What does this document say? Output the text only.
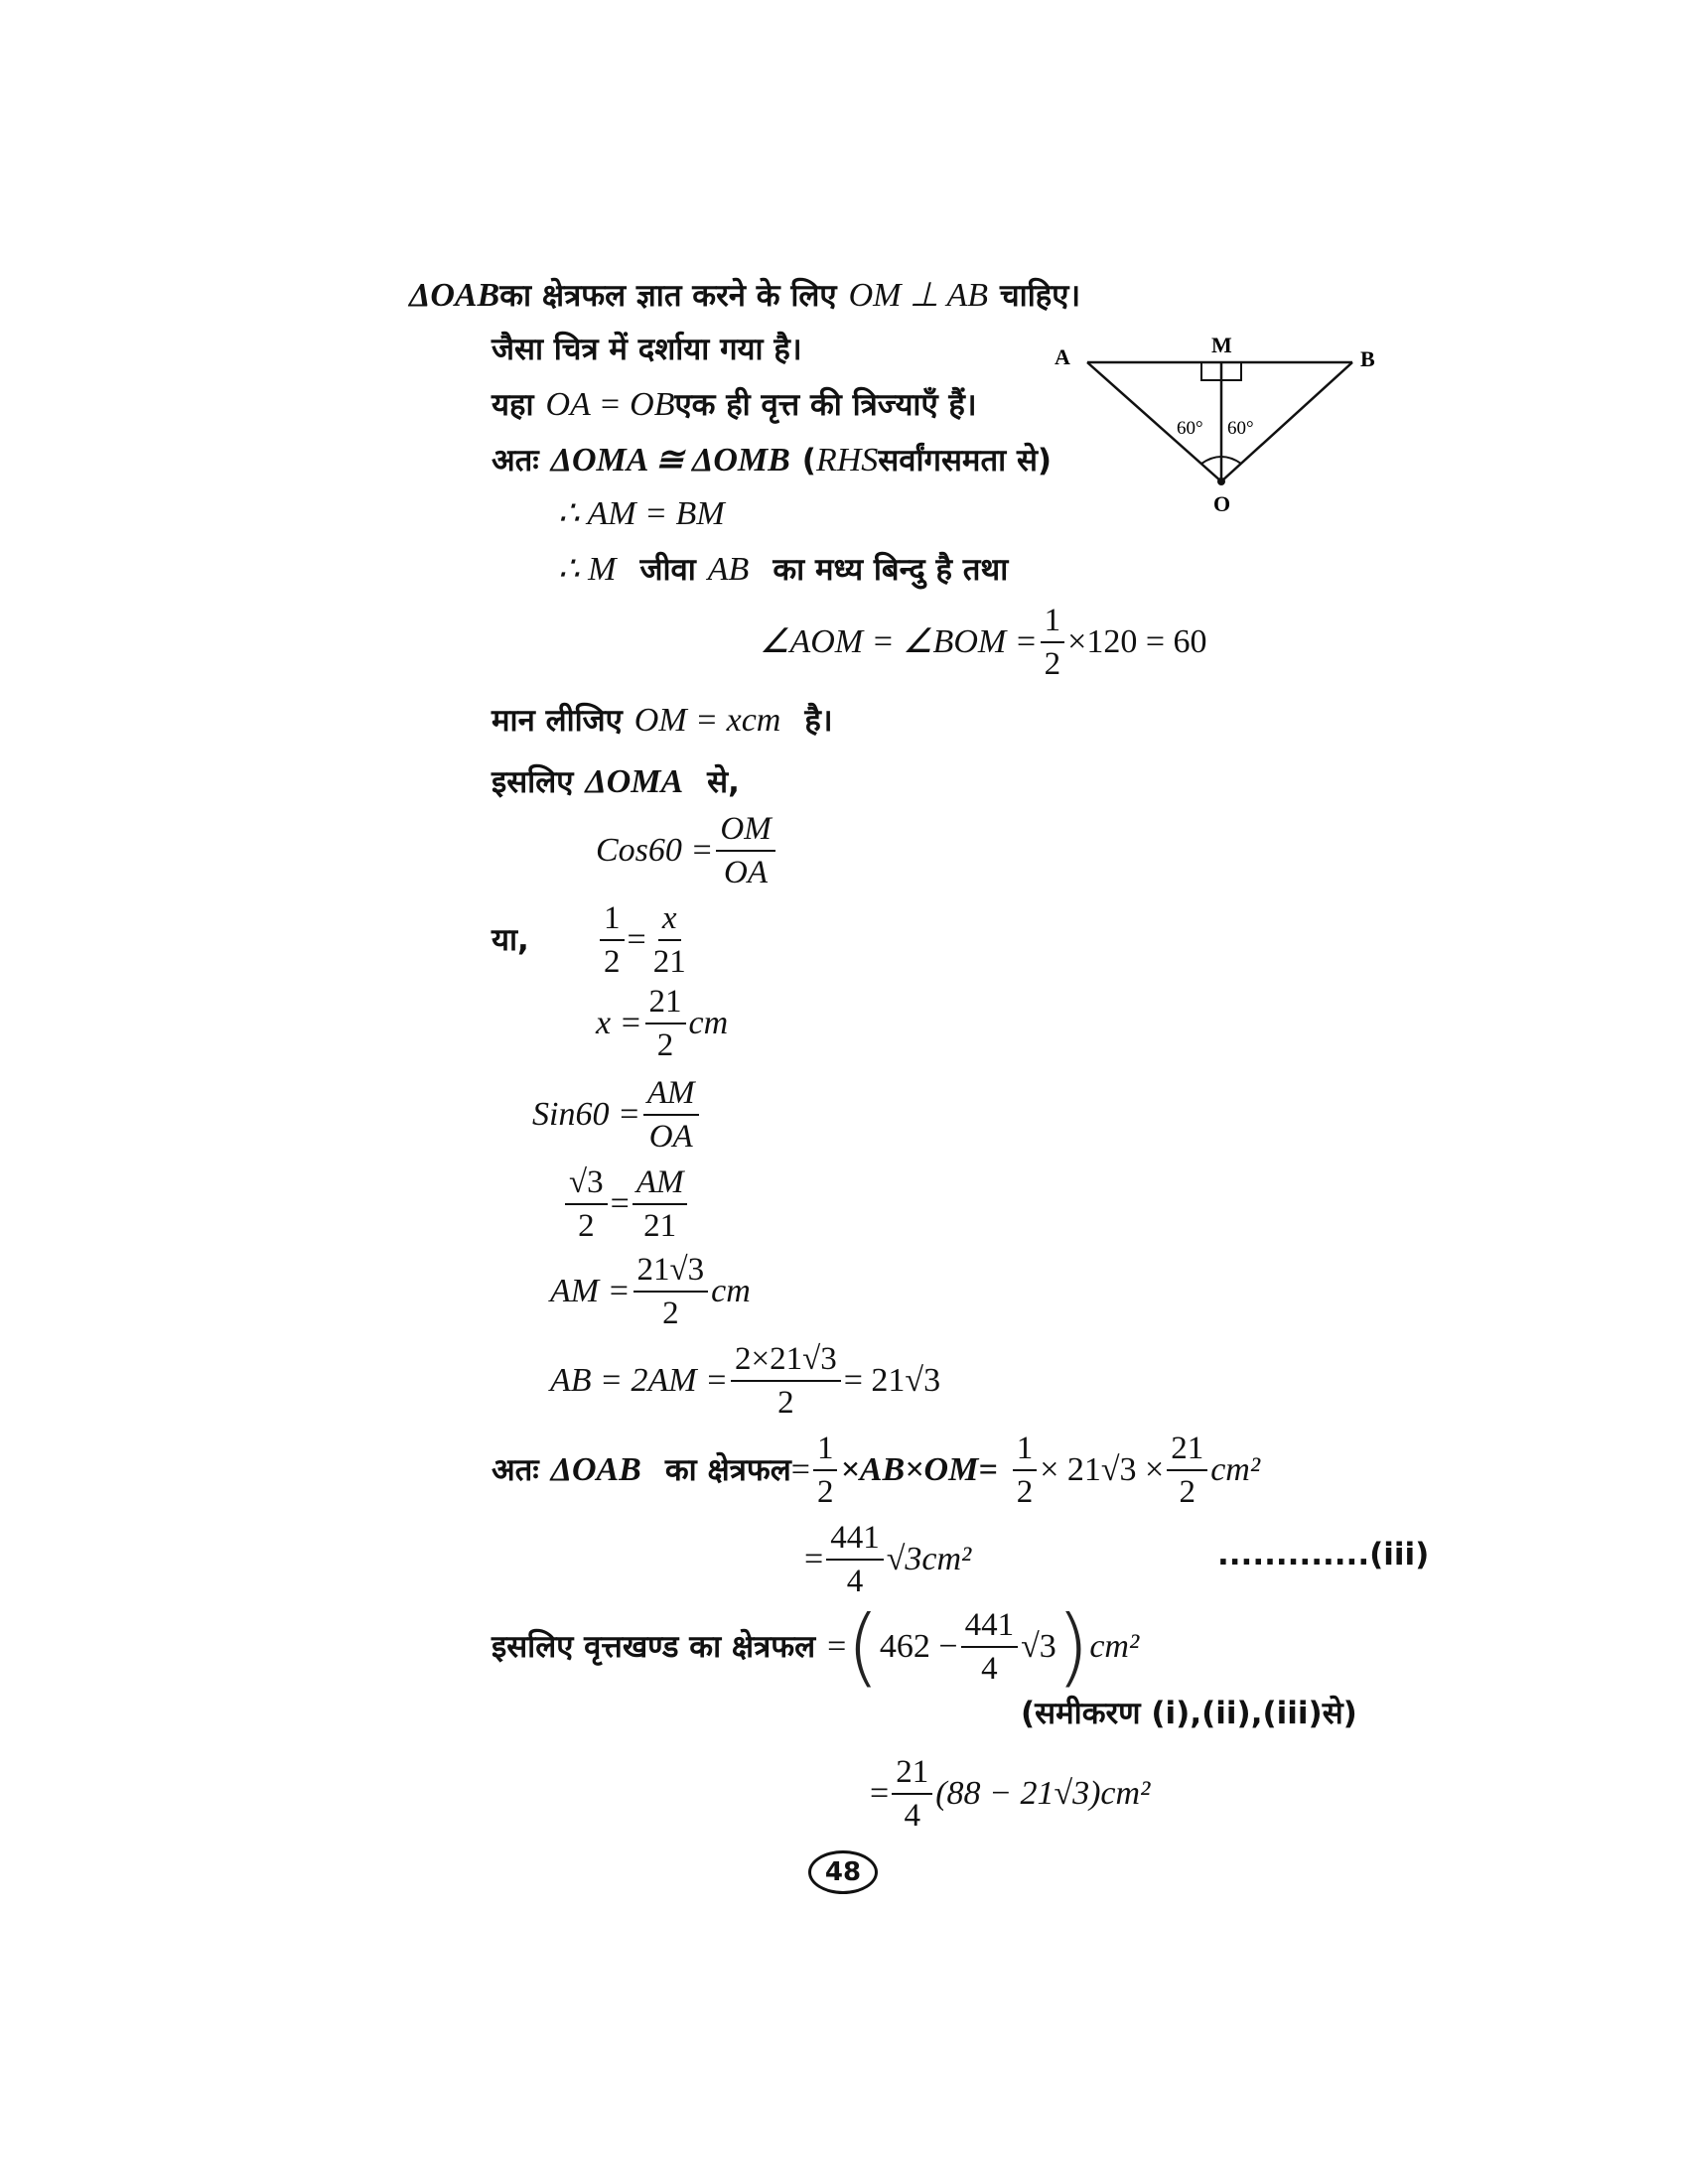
ΔOAB का क्षेत्रफल ज्ञात करने के लिए OM ⊥ AB चाहिए।
जैसा चित्र में दर्शाया गया है।
यहा OA = OB एक ही वृत्त की त्रिज्याएँ हैं।
अतः ΔOMA ≅ ΔOMB ( RHS सर्वांगसमता से)
∴ AM = BM
∴ M जीवा AB का मध्य बिन्दु है तथा
∠AOM = ∠BOM = $\frac{1}{2} \times 120 = 60$
मान लीजिए OM = xcm है।
इसलिए ΔOMA से,
$Cos60 = \frac{OM}{OA}$
या,	$\frac{1}{2} = \frac{x}{21}$
$x = \frac{21}{2}$ cm
$Sin60 = \frac{AM}{OA}$
$\frac{√3}{2} = \frac{AM}{21}$
AM = $\frac{21√3}{2}$ cm
AB = $2AM = \frac{2\times 21√3}{2} = 21√3$
अतः ΔOAB का क्षेत्रफल = $\frac{1}{2} \times AB\times OM= \frac{1}{2} \times 21√3 \times \frac{21}{2} cm^2$
= $\frac{441}{4} √3cm^2$	.............(iii)
इसलिए वृत्तखण्ड का क्षेत्रफल = ( $462 - \frac{441}{4} √3$ ) cm²
(समीकरण (i),(ii),(iii)से)
= $\frac{21}{4} (88 - 21√3)cm^2$
A	B
M
O
60° 60°
48
